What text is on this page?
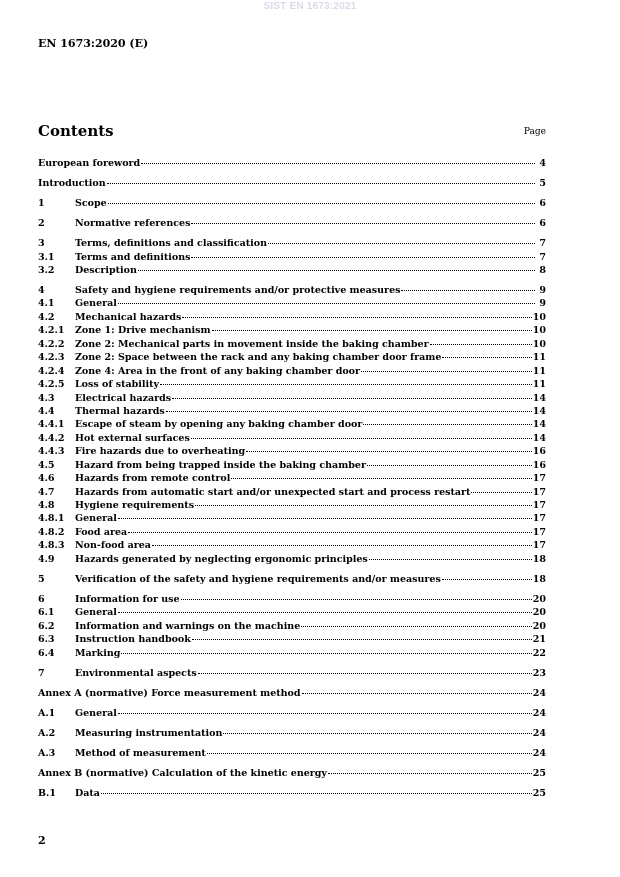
SIST EN 1673:2021
EN 1673:2020 (E)
Contents	Page
European foreword	4
Introduction	5
1	Scope	6
2	Normative references	6
3	Terms, definitions and classification	7
3.1	Terms and definitions	7
3.2	Description	8
4	Safety and hygiene requirements and/or protective measures	9
4.1	General	9
4.2	Mechanical hazards	10
4.2.1	Zone 1: Drive mechanism	10
4.2.2	Zone 2: Mechanical parts in movement inside the baking chamber	10
4.2.3	Zone 2: Space between the rack and any baking chamber door frame	11
4.2.4	Zone 4: Area in the front of any baking chamber door	11
4.2.5	Loss of stability	11
4.3	Electrical hazards	14
4.4	Thermal hazards	14
4.4.1	Escape of steam by opening any baking chamber door	14
4.4.2	Hot external surfaces	14
4.4.3	Fire hazards due to overheating	16
4.5	Hazard from being trapped inside the baking chamber	16
4.6	Hazards from remote control	17
4.7	Hazards from automatic start and/or unexpected start and process restart	17
4.8	Hygiene requirements	17
4.8.1	General	17
4.8.2	Food area	17
4.8.3	Non-food area	17
4.9	Hazards generated by neglecting ergonomic principles	18
5	Verification of the safety and hygiene requirements and/or measures	18
6	Information for use	20
6.1	General	20
6.2	Information and warnings on the machine	20
6.3	Instruction handbook	21
6.4	Marking	22
7	Environmental aspects	23
Annex A (normative) Force measurement method	24
A.1	General	24
A.2	Measuring instrumentation	24
A.3	Method of measurement	24
Annex B (normative) Calculation of the kinetic energy	25
B.1	Data	25
2
